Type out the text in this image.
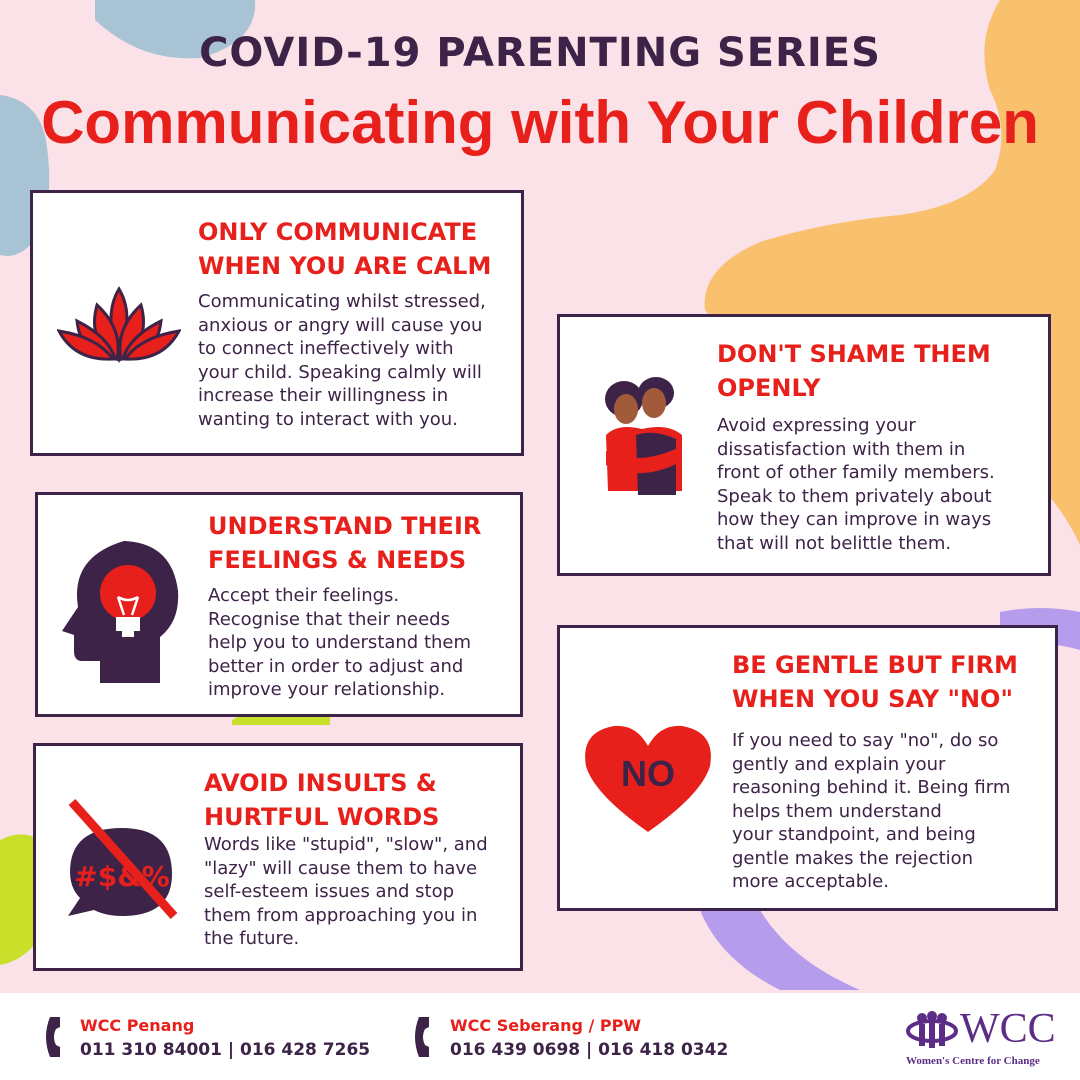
COVID-19 PARENTING SERIES
Communicating with Your Children
ONLY COMMUNICATE
WHEN YOU ARE CALM

Communicating whilst stressed,
anxious or angry will cause you
to connect ineffectively with
your child. Speaking calmly will
increase their willingness in
wanting to interact with you.

DON'T SHAME THEM
OPENLY

Avoid expressing your
dissatisfaction with them in
front of other family members.
Speak to them privately about
how they can improve in ways
that will not belittle them.

UNDERSTAND THEIR
FEELINGS & NEEDS

Accept their feelings.
Recognise that their needs
help you to understand them
better in order to adjust and
improve your relationship.

NO
BE GENTLE BUT FIRM
WHEN YOU SAY "NO"

If you need to say "no", do so
gently and explain your
reasoning behind it. Being firm
helps them understand
your standpoint, and being
gentle makes the rejection
more acceptable.

#$&%
AVOID INSULTS &
HURTFUL WORDS

Words like "stupid", "slow", and
"lazy" will cause them to have
self-esteem issues and stop
them from approaching you in
the future.

WCC Penang
011 310 84001 | 016 428 7265
WCC Seberang / PPW
016 439 0698 | 016 418 0342	WCC
Women's Centre for Change
